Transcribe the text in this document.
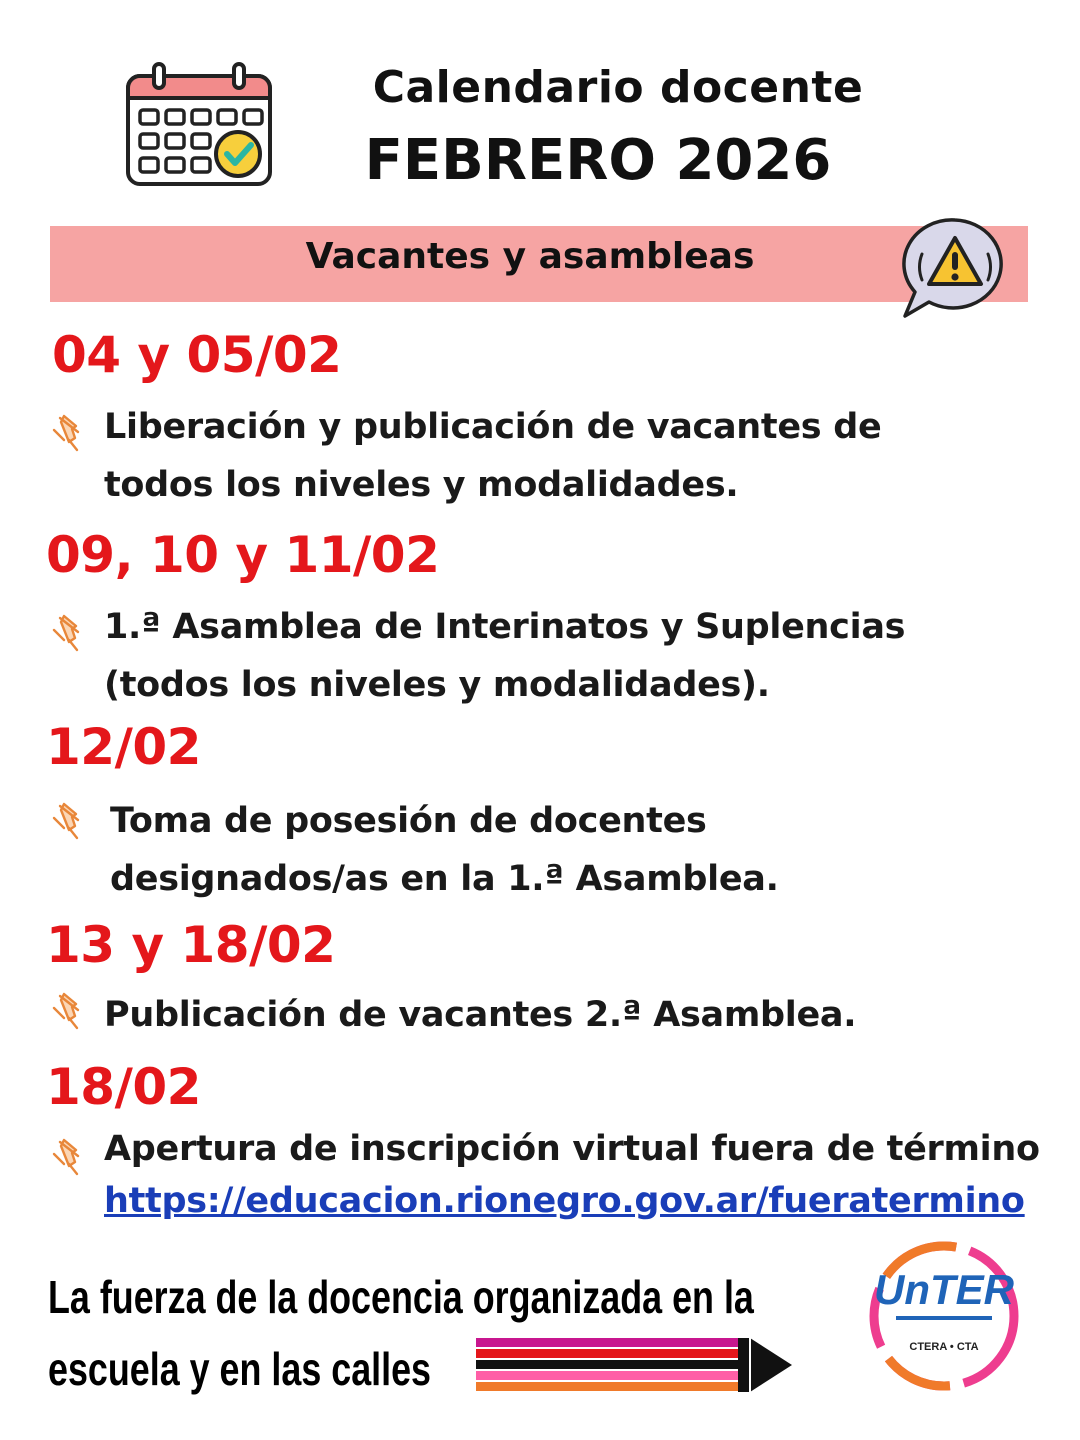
Calendario docente
FEBRERO 2026
Vacantes y asambleas
04 y 05/02
Liberación y publicación de vacantes de
todos los niveles y modalidades.
09, 10 y 11/02
1.ª Asamblea de Interinatos y Suplencias
(todos los niveles y modalidades).
12/02
Toma de posesión de docentes
designados/as en la 1.ª Asamblea.
13 y 18/02
Publicación de vacantes 2.ª Asamblea.
18/02
Apertura de inscripción virtual fuera de término
https://educacion.rionegro.gov.ar/fueratermino
La fuerza de la docencia organizada en la
escuela y en las calles
UnTER
CTERA • CTA
